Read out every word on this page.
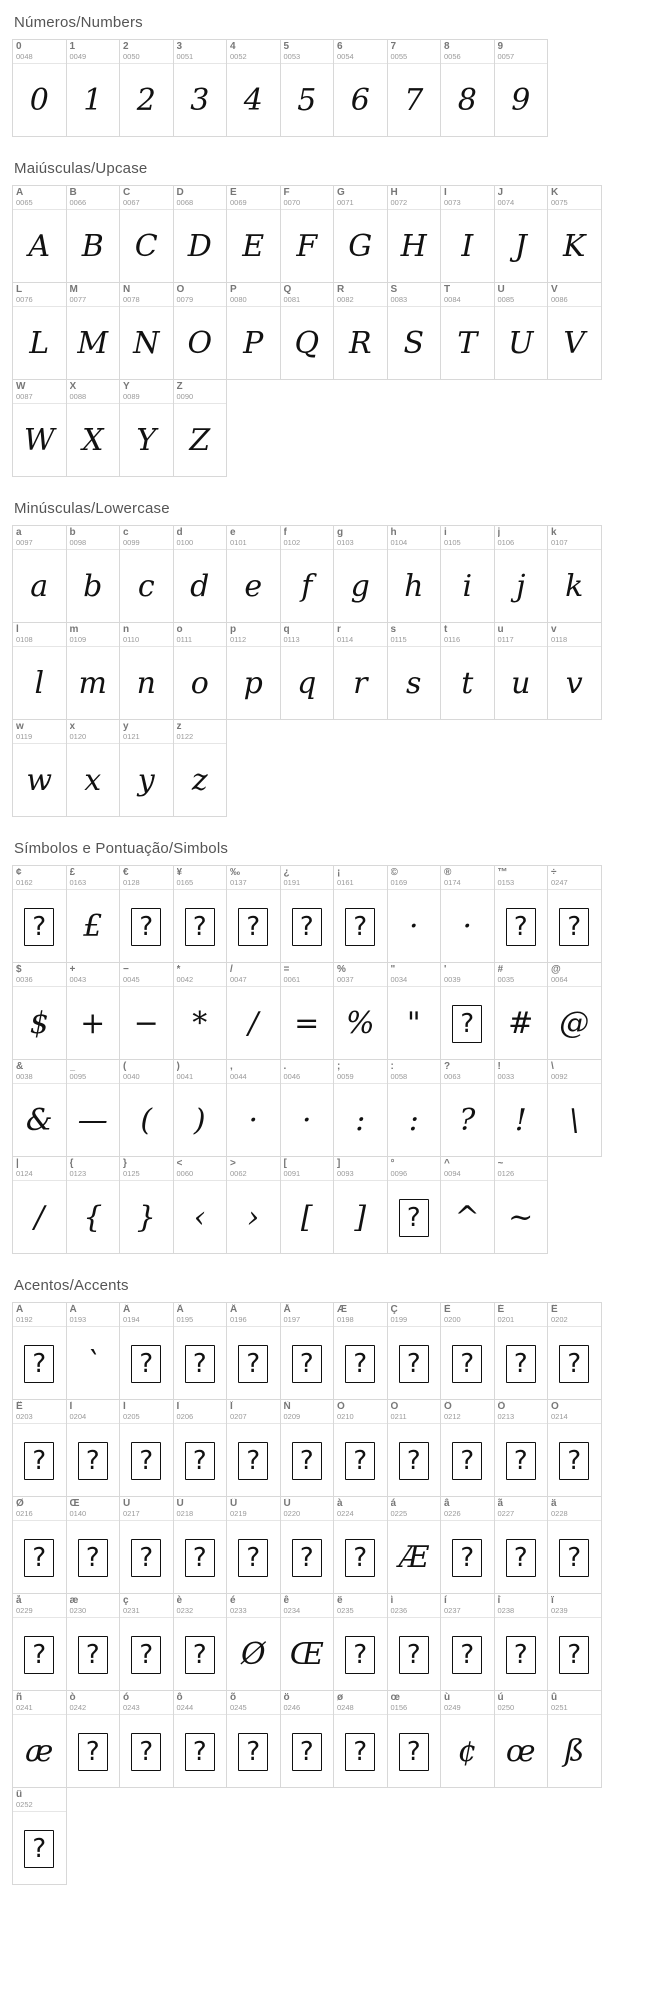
Números/Numbers
0
0048
0
1
0049
1
2
0050
2
3
0051
3
4
0052
4
5
0053
5
6
0054
6
7
0055
7
8
0056
8
9
0057
9
Maiúsculas/Upcase
A
0065
A
B
0066
B
C
0067
C
D
0068
D
E
0069
E
F
0070
F
G
0071
G
H
0072
H
I
0073
I
J
0074
J
K
0075
K
L
0076
L
M
0077
M
N
0078
N
O
0079
O
P
0080
P
Q
0081
Q
R
0082
R
S
0083
S
T
0084
T
U
0085
U
V
0086
V
W
0087
W
X
0088
X
Y
0089
Y
Z
0090
Z
Minúsculas/Lowercase
a
0097
a
b
0098
b
c
0099
c
d
0100
d
e
0101
e
f
0102
f
g
0103
g
h
0104
h
i
0105
i
j
0106
j
k
0107
k
l
0108
l
m
0109
m
n
0110
n
o
0111
o
p
0112
p
q
0113
q
r
0114
r
s
0115
s
t
0116
t
u
0117
u
v
0118
v
w
0119
w
x
0120
x
y
0121
y
z
0122
z
Símbolos e Pontuação/Simbols
¢
0162
?
£
0163
£
€
0128
?
¥
0165
?
‰
0137
?
¿
0191
?
¡
0161
?
©
0169
·
®
0174
·
™
0153
?
÷
0247
?
$
0036
$
+
0043
+
−
0045
−
*
0042
*
/
0047
/
=
0061
=
%
0037
%
"
0034
"
'
0039
?
#
0035
#
@
0064
@
&
0038
&
_
0095
—
(
0040
(
)
0041
)
,
0044
·
.
0046
·
;
0059
:
:
0058
:
?
0063
?
!
0033
!
\
0092
\
|
0124
/
{
0123
{
}
0125
}
<
0060
‹
>
0062
›
[
0091
[
]
0093
]
°
0096
?
^
0094
^
~
0126
~
Acentos/Accents
À
0192
?
Á
0193
`
Â
0194
?
Ã
0195
?
Ä
0196
?
Å
0197
?
Æ
0198
?
Ç
0199
?
È
0200
?
É
0201
?
Ê
0202
?
Ë
0203
?
Ì
0204
?
Í
0205
?
Î
0206
?
Ï
0207
?
Ñ
0209
?
Ò
0210
?
Ó
0211
?
Ô
0212
?
Õ
0213
?
Ö
0214
?
Ø
0216
?
Œ
0140
?
Ù
0217
?
Ú
0218
?
Û
0219
?
Ü
0220
?
à
0224
?
á
0225
Æ
â
0226
?
ã
0227
?
ä
0228
?
å
0229
?
æ
0230
?
ç
0231
?
è
0232
?
é
0233
Ø
ê
0234
Œ
ë
0235
?
ì
0236
?
í
0237
?
î
0238
?
ï
0239
?
ñ
0241
æ
ò
0242
?
ó
0243
?
ô
0244
?
õ
0245
?
ö
0246
?
ø
0248
?
œ
0156
?
ù
0249
¢
ú
0250
œ
û
0251
ß
ü
0252
?
